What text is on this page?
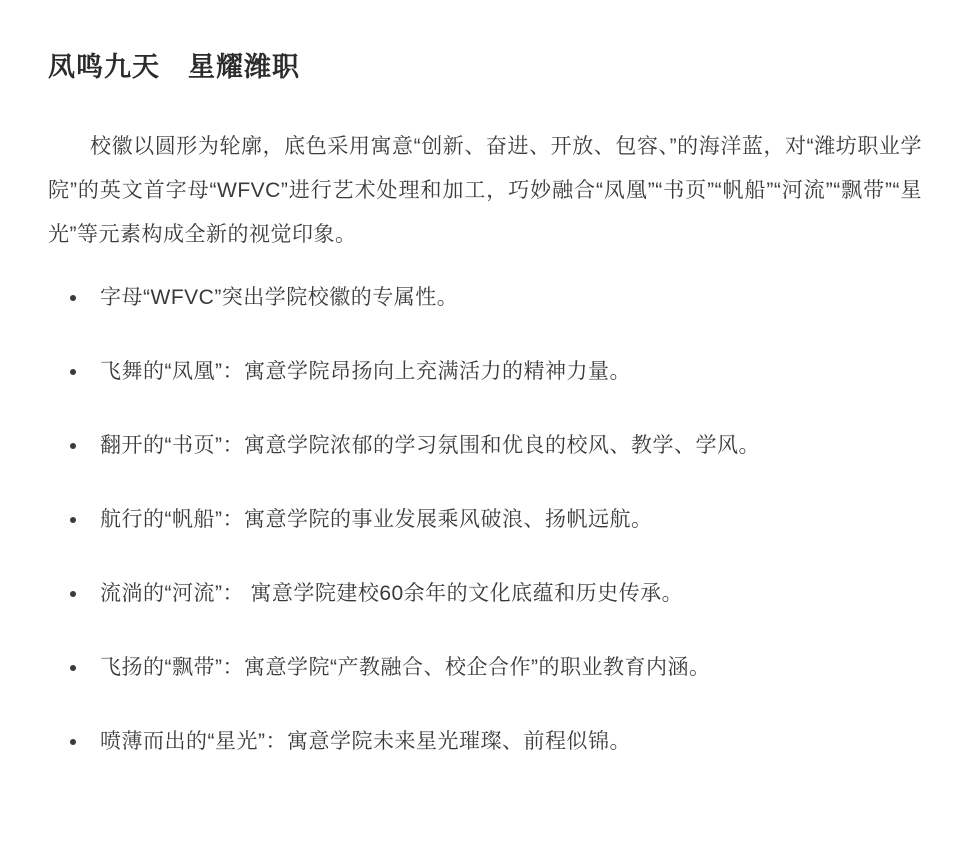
凤鸣九天　星耀潍职

校徽以圆形为轮廓，底色采用寓意“创新、奋进、开放、包容、”的海洋蓝，对“潍坊职业学院”的英文首字母“WFVC”进行艺术处理和加工，巧妙融合“凤凰”“书页”“帆船”“河流”“飘带”“星光”等元素构成全新的视觉印象。

字母“WFVC”突出学院校徽的专属性。
飞舞的“凤凰”：寓意学院昂扬向上充满活力的精神力量。
翻开的“书页”：寓意学院浓郁的学习氛围和优良的校风、教学、学风。
航行的“帆船”：寓意学院的事业发展乘风破浪、扬帆远航。
流淌的“河流”： 寓意学院建校60余年的文化底蕴和历史传承。
飞扬的“飘带”：寓意学院“产教融合、校企合作”的职业教育内涵。
喷薄而出的“星光”：寓意学院未来星光璀璨、前程似锦。
